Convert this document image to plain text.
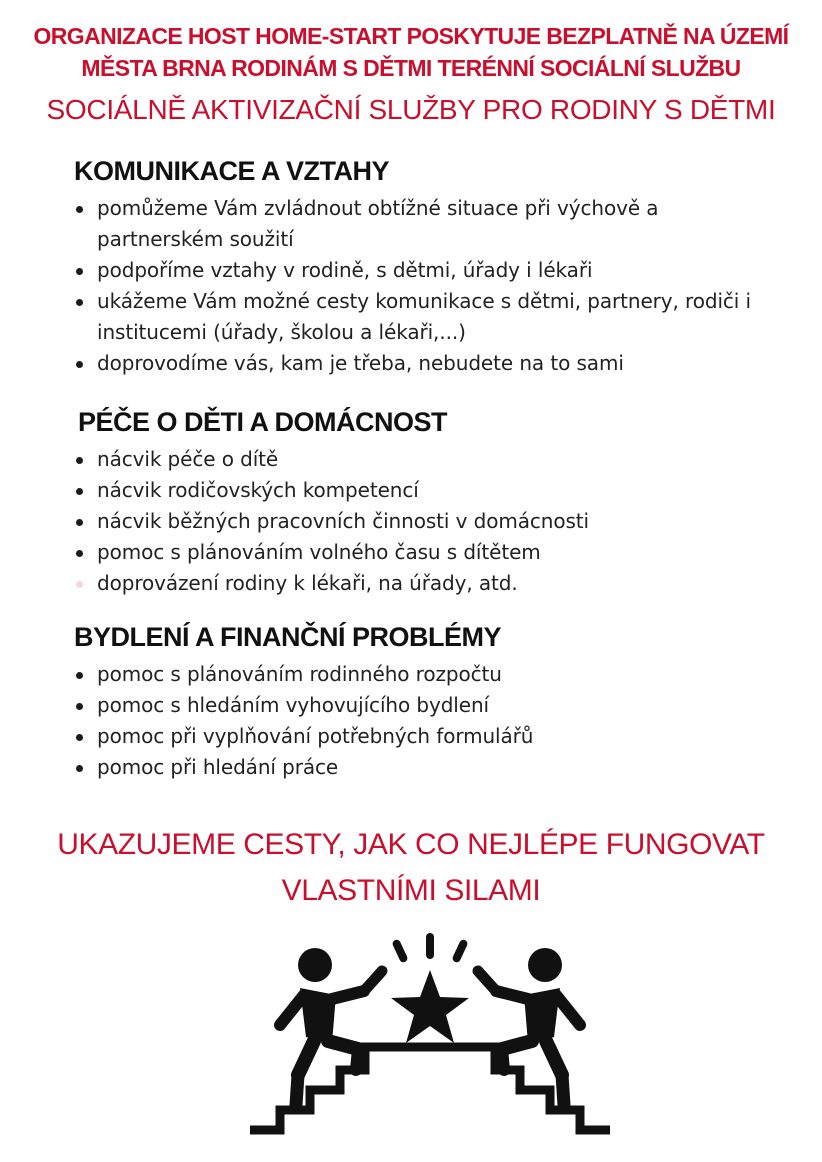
ORGANIZACE HOST HOME-START POSKYTUJE BEZPLATNĚ NA ÚZEMÍ
MĚSTA BRNA RODINÁM S DĚTMI TERÉNNÍ SOCIÁLNÍ SLUŽBU
SOCIÁLNĚ AKTIVIZAČNÍ SLUŽBY PRO RODINY S DĚTMI
KOMUNIKACE A VZTAHY
pomůžeme Vám zvládnout obtížné situace při výchově a partnerském soužití
podpoříme vztahy v rodině, s dětmi, úřady i lékaři
ukážeme Vám možné cesty komunikace s dětmi, partnery, rodiči i institucemi (úřady, školou a lékaři,...)
doprovodíme vás, kam je třeba, nebudete na to sami
PÉČE O DĚTI A DOMÁCNOST
nácvik péče o dítě
nácvik rodičovských kompetencí
nácvik běžných pracovních činnosti v domácnosti
pomoc s plánováním volného času s dítětem
doprovázení rodiny k lékaři, na úřady, atd.
BYDLENÍ A FINANČNÍ PROBLÉMY
pomoc s plánováním rodinného rozpočtu
pomoc s hledáním vyhovujícího bydlení
pomoc při vyplňování potřebných formulářů
pomoc při hledání práce
UKAZUJEME CESTY, JAK CO NEJLÉPE FUNGOVAT
VLASTNÍMI SILAMI
